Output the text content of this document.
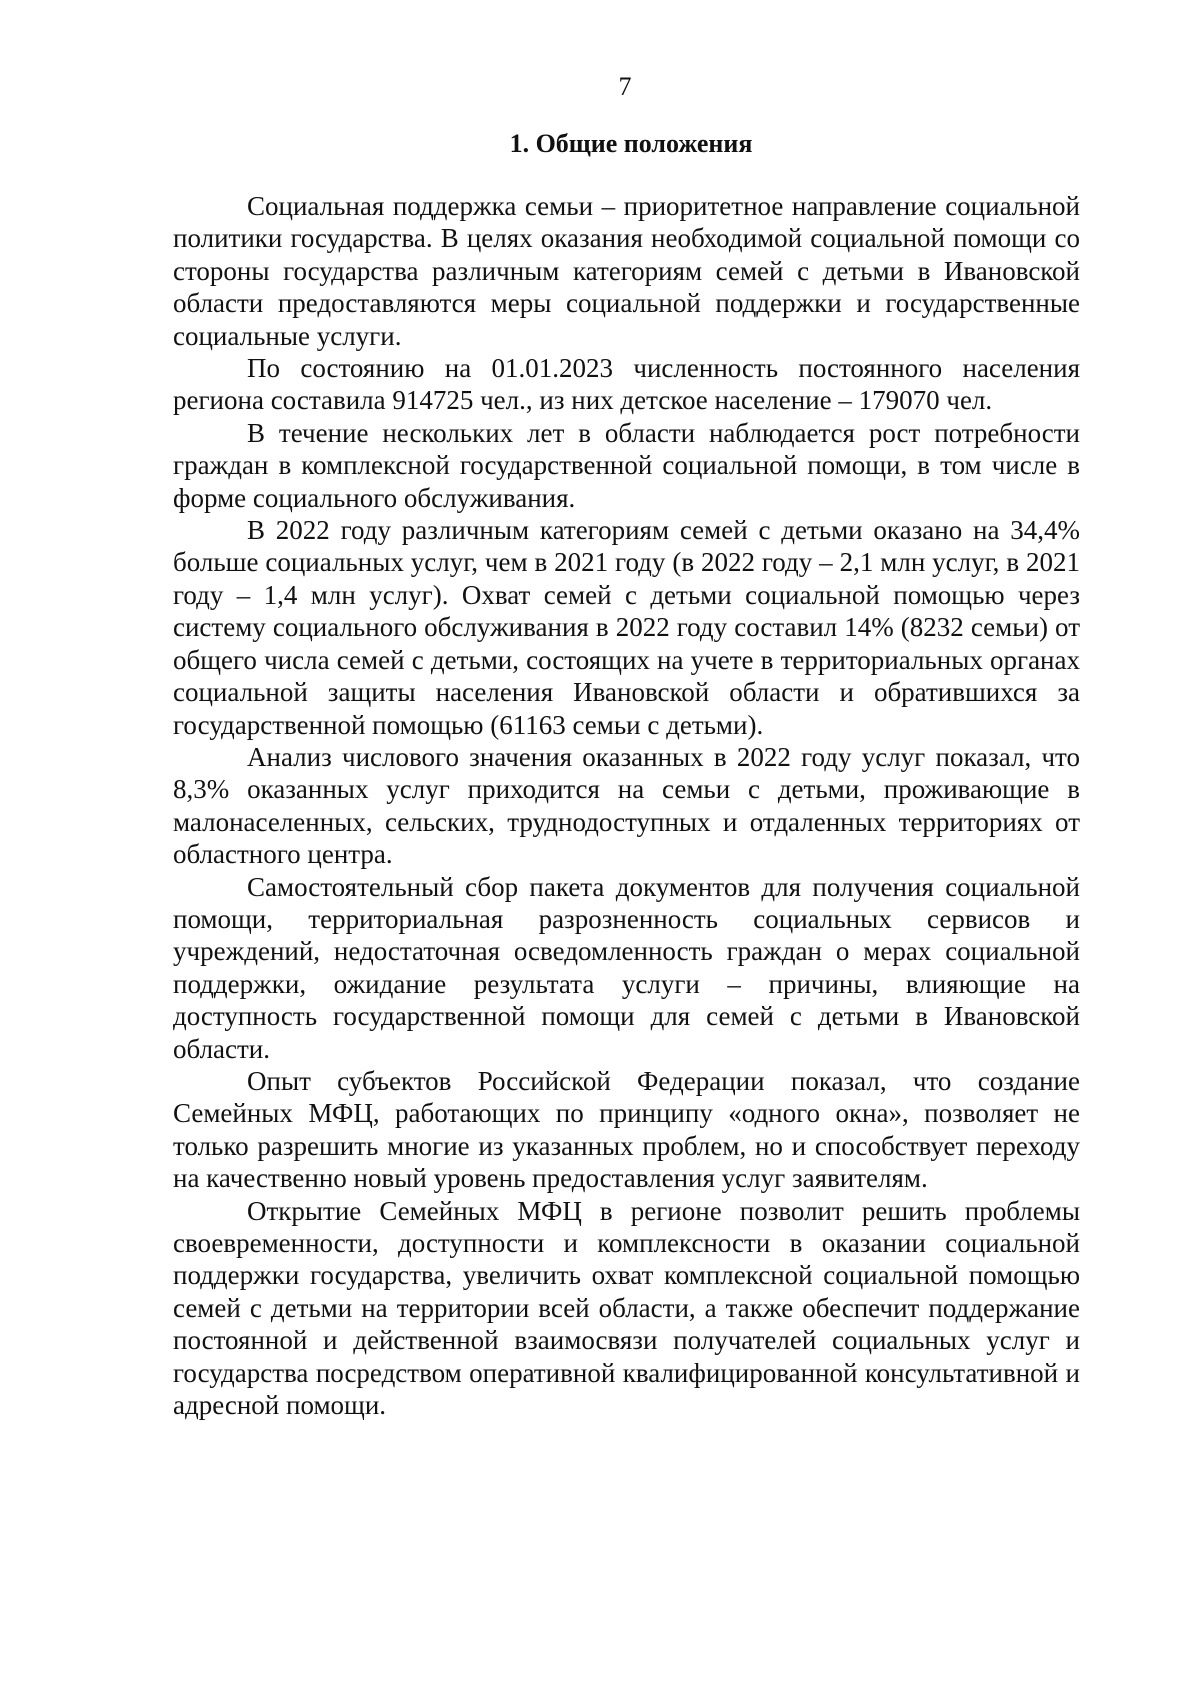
7
1. Общие положения

Социальная поддержка семьи – приоритетное направление социальной политики государства. В целях оказания необходимой социальной помощи со стороны государства различным категориям семей с детьми в Ивановской области предоставляются меры социальной поддержки и государственные социальные услуги.

По состоянию на 01.01.2023 численность постоянного населения региона составила 914725 чел., из них детское население – 179070 чел.

В течение нескольких лет в области наблюдается рост потребности граждан в комплексной государственной социальной помощи, в том числе в форме социального обслуживания.

В 2022 году различным категориям семей с детьми оказано на 34,4% больше социальных услуг, чем в 2021 году (в 2022 году – 2,1 млн услуг, в 2021 году – 1,4 млн услуг). Охват семей с детьми социальной помощью через систему социального обслуживания в 2022 году составил 14% (8232 семьи) от общего числа семей с детьми, состоящих на учете в территориальных органах социальной защиты населения Ивановской области и обратившихся за государственной помощью (61163 семьи с детьми).

Анализ числового значения оказанных в 2022 году услуг показал, что 8,3% оказанных услуг приходится на семьи с детьми, проживающие в малонаселенных, сельских, труднодоступных и отдаленных территориях от областного центра.

Самостоятельный сбор пакета документов для получения социальной помощи, территориальная разрозненность социальных сервисов и учреждений, недостаточная осведомленность граждан о мерах социальной поддержки, ожидание результата услуги – причины, влияющие на доступность государственной помощи для семей с детьми в Ивановской области.

Опыт субъектов Российской Федерации показал, что создание Семейных МФЦ, работающих по принципу «одного окна», позволяет не только разрешить многие из указанных проблем, но и способствует переходу на качественно новый уровень предоставления услуг заявителям.

Открытие Семейных МФЦ в регионе позволит решить проблемы своевременности, доступности и комплексности в оказании социальной поддержки государства, увеличить охват комплексной социальной помощью семей с детьми на территории всей области, а также обеспечит поддержание постоянной и действенной взаимосвязи получателей социальных услуг и государства посредством оперативной квалифицированной консультативной и адресной помощи.
